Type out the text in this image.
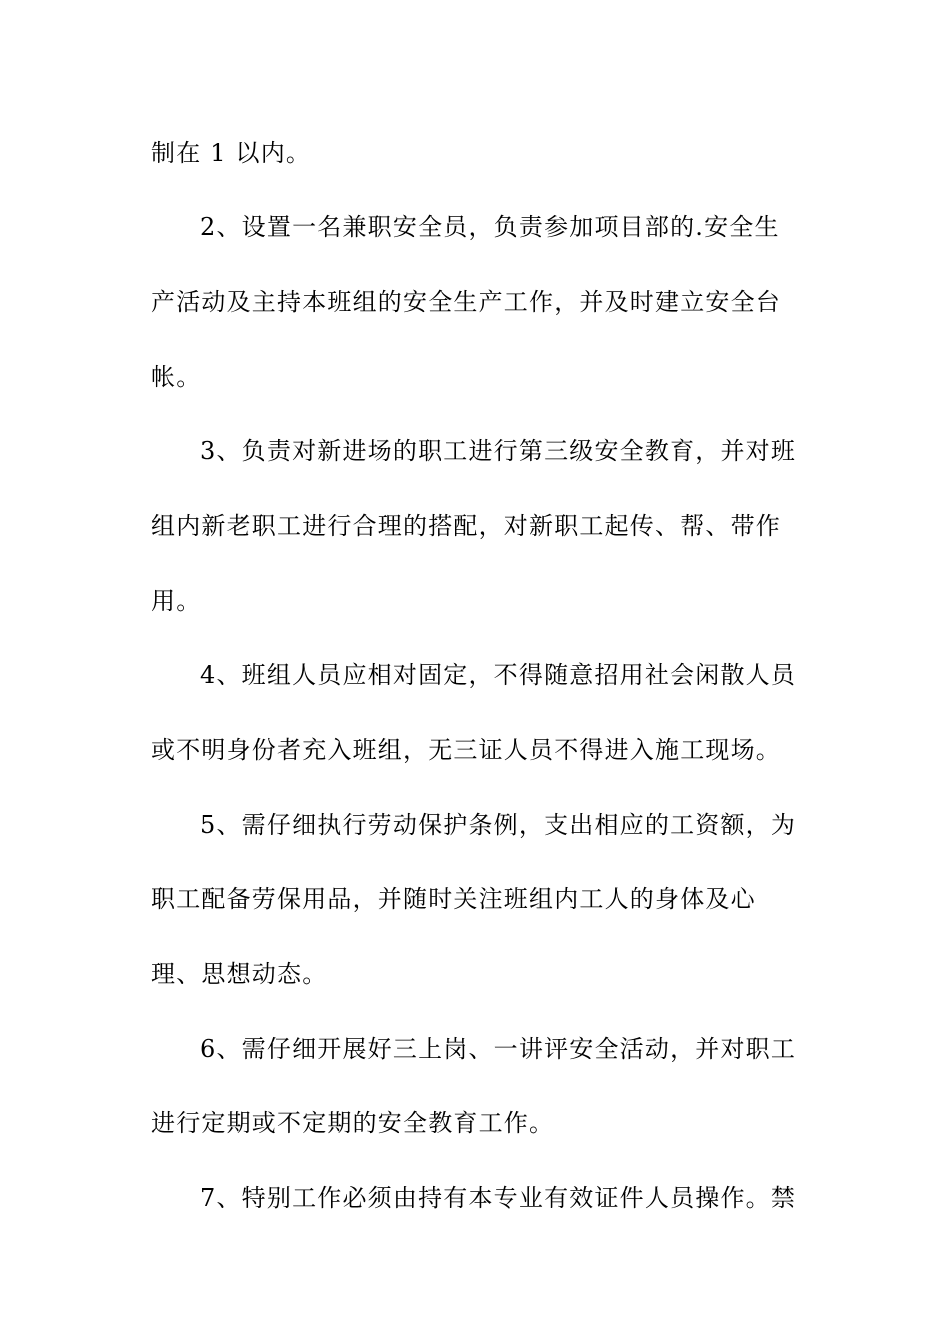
制在 1 以内。
2、设置一名兼职安全员，负责参加项目部的.安全生
产活动及主持本班组的安全生产工作，并及时建立安全台
帐。
3、负责对新进场的职工进行第三级安全教育，并对班
组内新老职工进行合理的搭配，对新职工起传、帮、带作
用。
4、班组人员应相对固定，不得随意招用社会闲散人员
或不明身份者充入班组，无三证人员不得进入施工现场。
5、需仔细执行劳动保护条例，支出相应的工资额，为
职工配备劳保用品，并随时关注班组内工人的身体及心
理、思想动态。
6、需仔细开展好三上岗、一讲评安全活动，并对职工
进行定期或不定期的安全教育工作。
7、特别工作必须由持有本专业有效证件人员操作。禁
